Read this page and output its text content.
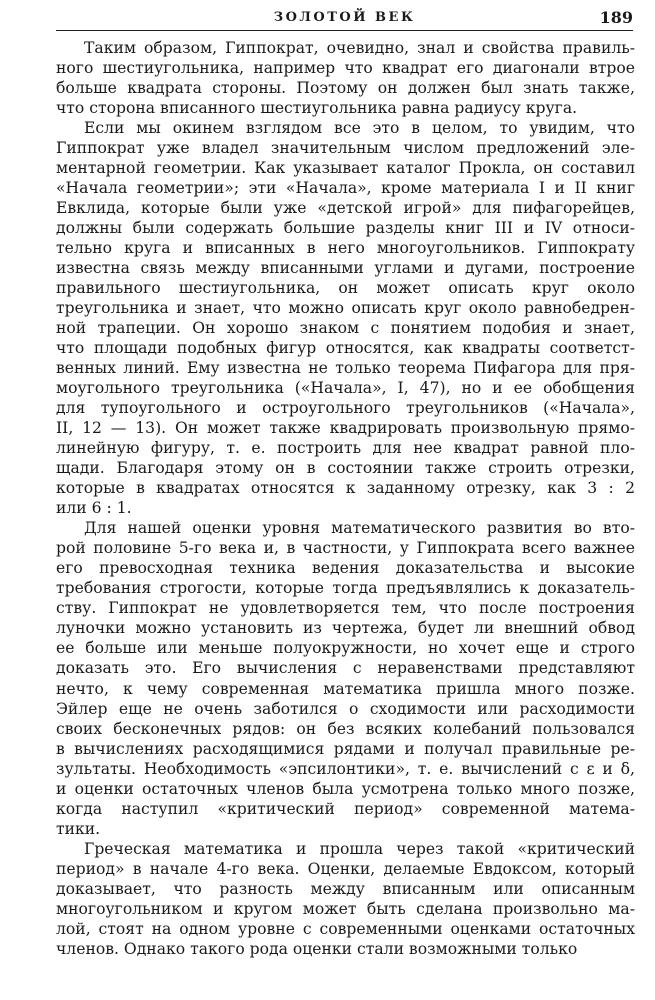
ЗОЛОТОЙ ВЕК	189
Таким образом, Гиппократ, очевидно, знал и свойства правиль-
ного шестиугольника, например что квадрат его диагонали втрое
больше квадрата стороны. Поэтому он должен был знать также,
что сторона вписанного шестиугольника равна радиусу круга.
Если мы окинем взглядом все это в целом, то увидим, что
Гиппократ уже владел значительным числом предложений эле-
ментарной геометрии. Как указывает каталог Прокла, он составил
«Начала геометрии»; эти «Начала», кроме материала I и II книг
Евклида, которые были уже «детской игрой» для пифагорейцев,
должны были содержать большие разделы книг III и IV относи-
тельно круга и вписанных в него многоугольников. Гиппократу
известна связь между вписанными углами и дугами, построение
правильного шестиугольника, он может описать круг около
треугольника и знает, что можно описать круг около равнобедрен-
ной трапеции. Он хорошо знаком с понятием подобия и знает,
что площади подобных фигур относятся, как квадраты соответст-
венных линий. Ему известна не только теорема Пифагора для пря-
моугольного треугольника («Начала», I, 47), но и ее обобщения
для тупоугольного и остроугольного треугольников («Начала»,
II, 12 — 13). Он может также квадрировать произвольную прямо-
линейную фигуру, т. е. построить для нее квадрат равной пло-
щади. Благодаря этому он в состоянии также строить отрезки,
которые в квадратах относятся к заданному отрезку, как 3 : 2
или 6 : 1.
Для нашей оценки уровня математического развития во вто-
рой половине 5-го века и, в частности, у Гиппократа всего важнее
его превосходная техника ведения доказательства и высокие
требования строгости, которые тогда предъявлялись к доказатель-
ству. Гиппократ не удовлетворяется тем, что после построения
луночки можно установить из чертежа, будет ли внешний обвод
ее больше или меньше полуокружности, но хочет еще и строго
доказать это. Его вычисления с неравенствами представляют
нечто, к чему современная математика пришла много позже.
Эйлер еще не очень заботился о сходимости или расходимости
своих бесконечных рядов: он без всяких колебаний пользовался
в вычислениях расходящимися рядами и получал правильные ре-
зультаты. Необходимость «эпсилонтики», т. е. вычислений с ε и δ,
и оценки остаточных членов была усмотрена только много позже,
когда наступил «критический период» современной матема-
тики.
Греческая математика и прошла через такой «критический
период» в начале 4-го века. Оценки, делаемые Евдоксом, который
доказывает, что разность между вписанным или описанным
многоугольником и кругом может быть сделана произвольно ма-
лой, стоят на одном уровне с современными оценками остаточных
членов. Однако такого рода оценки стали возможными только
